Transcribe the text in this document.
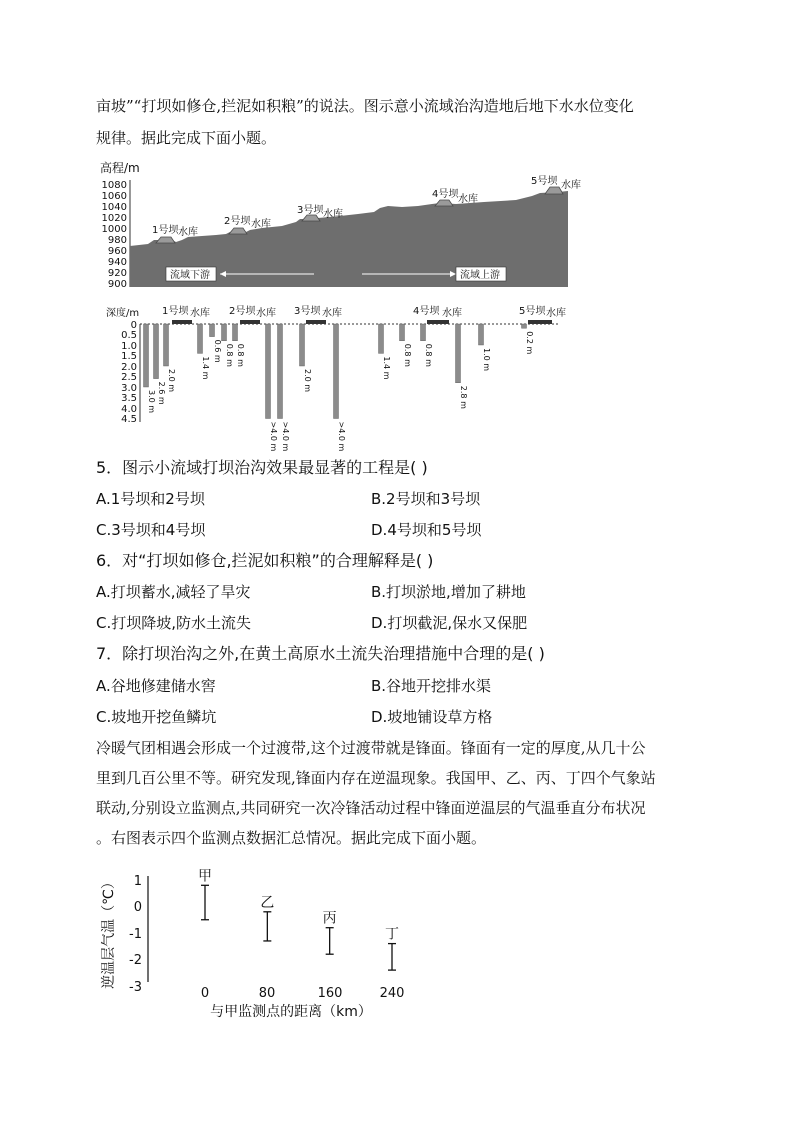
亩坡”“打坝如修仓,拦泥如积粮”的说法。图示意小流域治沟造地后地下水水位变化
规律。据此完成下面小题。
高程/m
1080
1060
1040
1020
1000
980
960
940
920
900
1号坝 水库
2号坝 水库
3号坝 水库
4号坝 水库
5号坝 水库
流域下游	流域上游
深度/m
0
0.5
1.0
1.5
2.0
2.5
3.0
3.5
4.0
4.5
1号坝 水库 2号坝 水库 3号坝 水库	4号坝 水库	5号坝 水库
3.0 m 2.6 m
2.0 m
1.4 m
0.6 m 0.8 m 0.8 m
>4.0 m >4.0 m
2.0 m
>4.0 m
1.4 m
0.8 m 0.8 m
2.8 m
1.0 m
0.2 m
5．图示小流域打坝治沟效果最显著的工程是( )
A.1号坝和2号坝	B.2号坝和3号坝
C.3号坝和4号坝	D.4号坝和5号坝
6．对“打坝如修仓,拦泥如积粮”的合理解释是( )
A.打坝蓄水,减轻了旱灾	B.打坝淤地,增加了耕地
C.打坝降坡,防水土流失	D.打坝截泥,保水又保肥
7．除打坝治沟之外,在黄土高原水土流失治理措施中合理的是( )
A.谷地修建储水窖	B.谷地开挖排水渠
C.坡地开挖鱼鳞坑	D.坡地铺设草方格
冷暖气团相遇会形成一个过渡带,这个过渡带就是锋面。锋面有一定的厚度,从几十公
里到几百公里不等。研究发现,锋面内存在逆温现象。我国甲、乙、丙、丁四个气象站
联动,分别设立监测点,共同研究一次冷锋活动过程中锋面逆温层的气温垂直分布状况
。右图表示四个监测点数据汇总情况。据此完成下面小题。
逆温层气温（℃） 1
0
-1
-2
-3	0	80	160	240
与甲监测点的距离（km）
甲
乙
丙
丁
